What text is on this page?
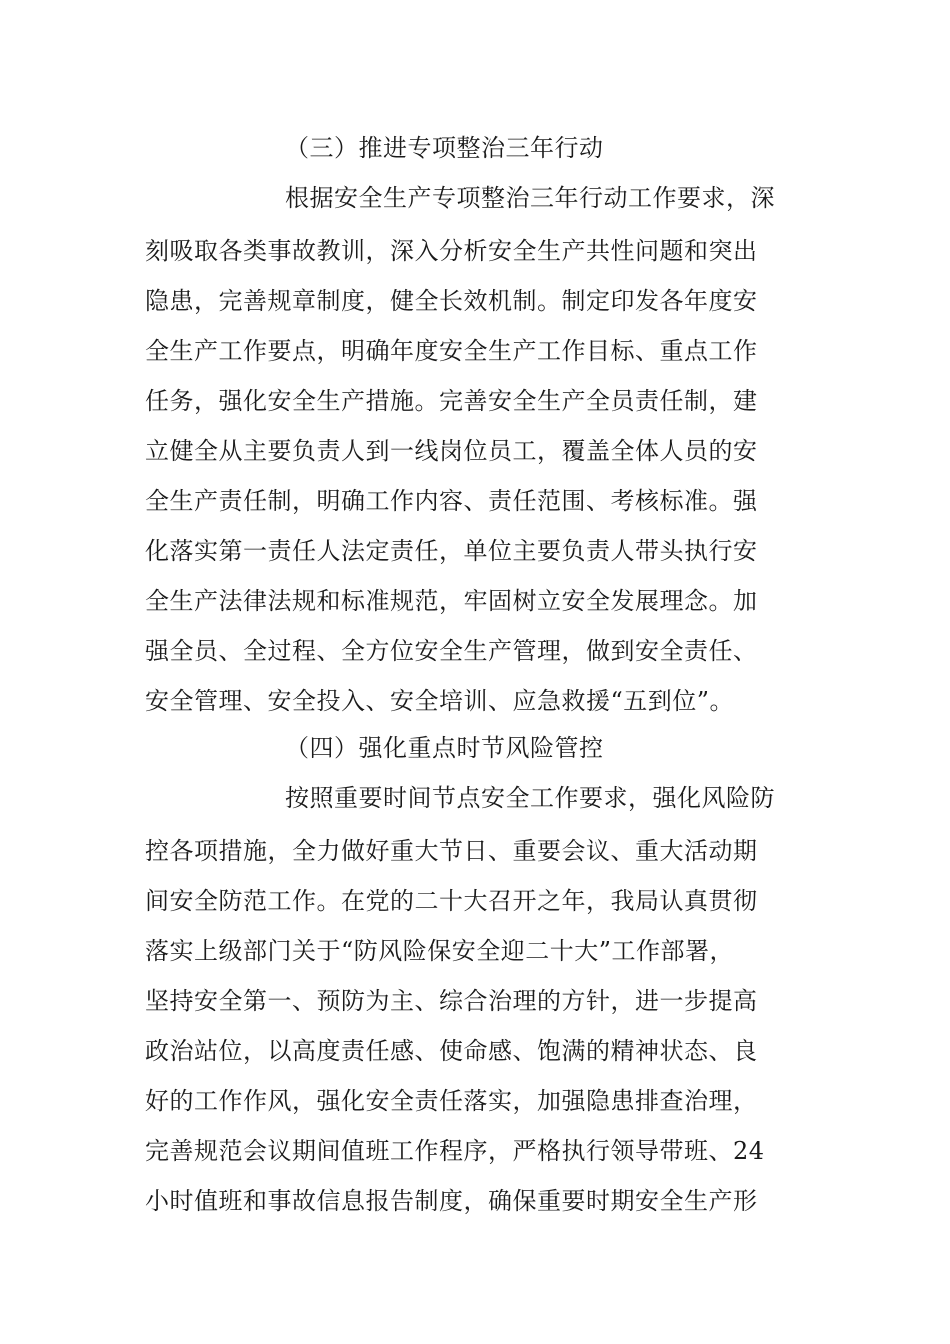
（三）推进专项整治三年行动
根据安全生产专项整治三年行动工作要求，深
刻吸取各类事故教训，深入分析安全生产共性问题和突出
隐患，完善规章制度，健全长效机制。制定印发各年度安
全生产工作要点，明确年度安全生产工作目标、重点工作
任务，强化安全生产措施。完善安全生产全员责任制，建
立健全从主要负责人到一线岗位员工，覆盖全体人员的安
全生产责任制，明确工作内容、责任范围、考核标准。强
化落实第一责任人法定责任，单位主要负责人带头执行安
全生产法律法规和标准规范，牢固树立安全发展理念。加
强全员、全过程、全方位安全生产管理，做到安全责任、
安全管理、安全投入、安全培训、应急救援“五到位”。
（四）强化重点时节风险管控
按照重要时间节点安全工作要求，强化风险防
控各项措施，全力做好重大节日、重要会议、重大活动期
间安全防范工作。在党的二十大召开之年，我局认真贯彻
落实上级部门关于“防风险保安全迎二十大”工作部署，
坚持安全第一、预防为主、综合治理的方针，进一步提高
政治站位，以高度责任感、使命感、饱满的精神状态、良
好的工作作风，强化安全责任落实，加强隐患排查治理，
完善规范会议期间值班工作程序，严格执行领导带班、24
小时值班和事故信息报告制度，确保重要时期安全生产形
